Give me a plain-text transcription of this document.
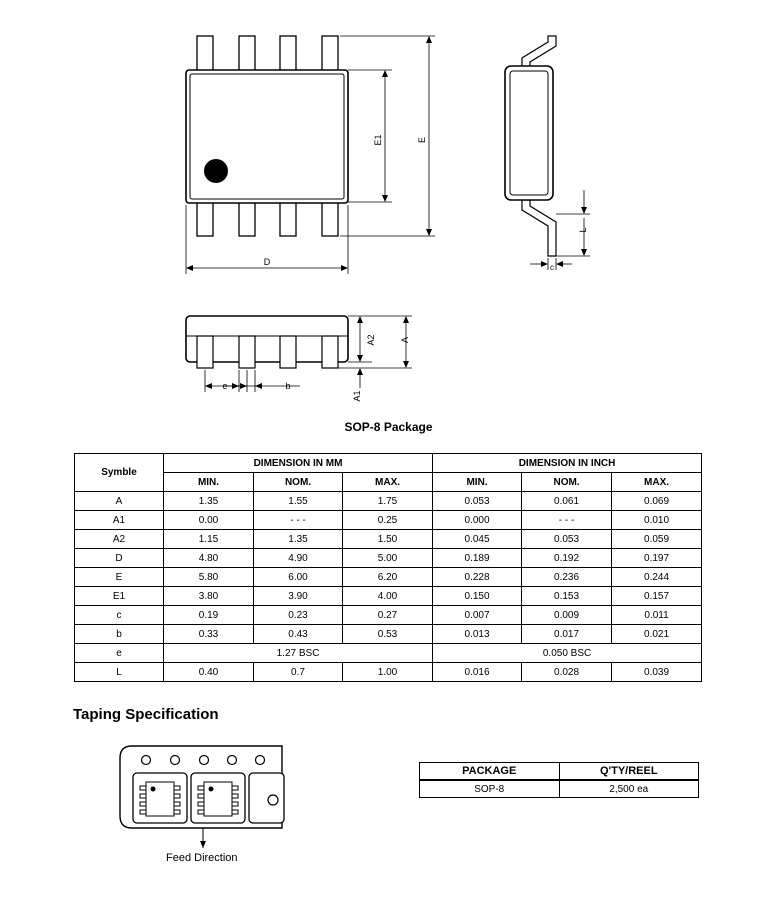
E1	E
D
L
c
A2	A
A1
e	b
SOP-8 Package
Symble	DIMENSION IN MM			DIMENSION IN INCH		
	MIN.	NOM.	MAX.	MIN.	NOM.	MAX.
A	1.35	1.55	1.75	0.053	0.061	0.069
A1	0.00	- - -	0.25	0.000	- - -	0.010
A2	1.15	1.35	1.50	0.045	0.053	0.059
D	4.80	4.90	5.00	0.189	0.192	0.197
E	5.80	6.00	6.20	0.228	0.236	0.244
E1	3.80	3.90	4.00	0.150	0.153	0.157
c	0.19	0.23	0.27	0.007	0.009	0.011
b	0.33	0.43	0.53	0.013	0.017	0.021
e	1.27 BSC			0.050 BSC		
L	0.40	0.7	1.00	0.016	0.028	0.039
Taping Specification
Feed Direction
PACKAGE	Q'TY/REEL
SOP-8	2,500 ea
